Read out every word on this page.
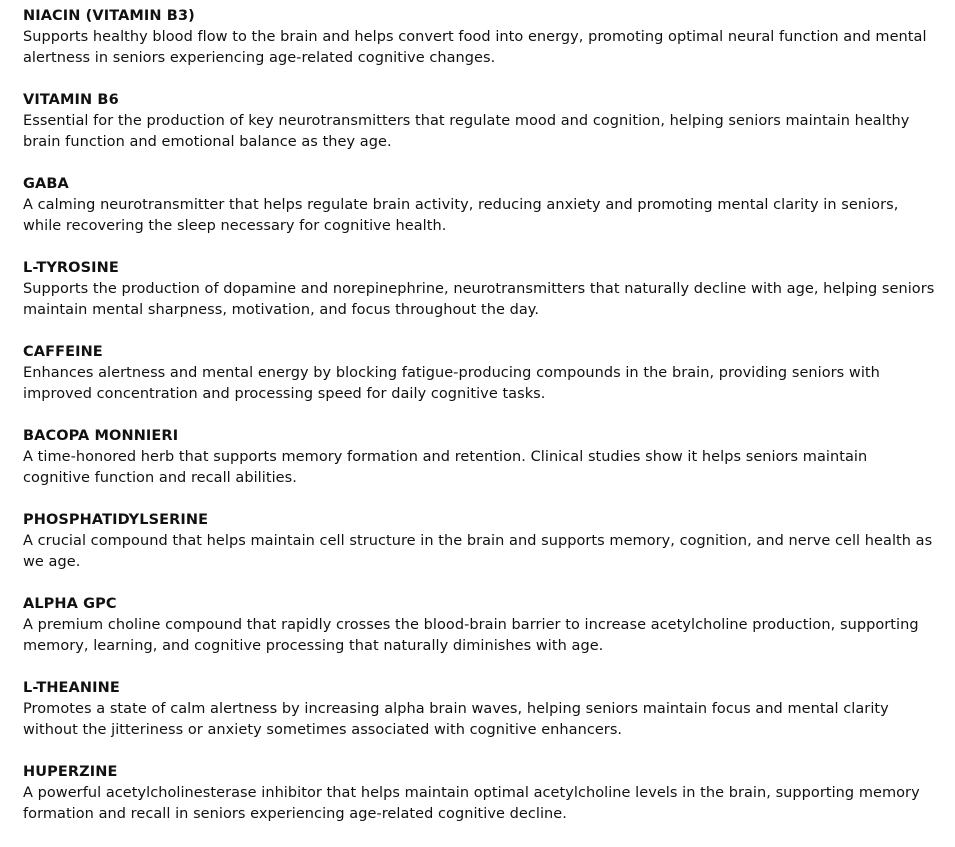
NIACIN (VITAMIN B3)
Supports healthy blood flow to the brain and helps convert food into energy, promoting optimal neural function and mental alertness in seniors experiencing age-related cognitive changes.
VITAMIN B6
Essential for the production of key neurotransmitters that regulate mood and cognition, helping seniors maintain healthy brain function and emotional balance as they age.
GABA
A calming neurotransmitter that helps regulate brain activity, reducing anxiety and promoting mental clarity in seniors, while recovering the sleep necessary for cognitive health.
L-TYROSINE
Supports the production of dopamine and norepinephrine, neurotransmitters that naturally decline with age, helping seniors maintain mental sharpness, motivation, and focus throughout the day.
CAFFEINE
Enhances alertness and mental energy by blocking fatigue-producing compounds in the brain, providing seniors with improved concentration and processing speed for daily cognitive tasks.
BACOPA MONNIERI
A time-honored herb that supports memory formation and retention. Clinical studies show it helps seniors maintain cognitive function and recall abilities.
PHOSPHATIDYLSERINE
A crucial compound that helps maintain cell structure in the brain and supports memory, cognition, and nerve cell health as we age.
ALPHA GPC
A premium choline compound that rapidly crosses the blood-brain barrier to increase acetylcholine production, supporting memory, learning, and cognitive processing that naturally diminishes with age.
L-THEANINE
Promotes a state of calm alertness by increasing alpha brain waves, helping seniors maintain focus and mental clarity without the jitteriness or anxiety sometimes associated with cognitive enhancers.
HUPERZINE
A powerful acetylcholinesterase inhibitor that helps maintain optimal acetylcholine levels in the brain, supporting memory formation and recall in seniors experiencing age-related cognitive decline.
